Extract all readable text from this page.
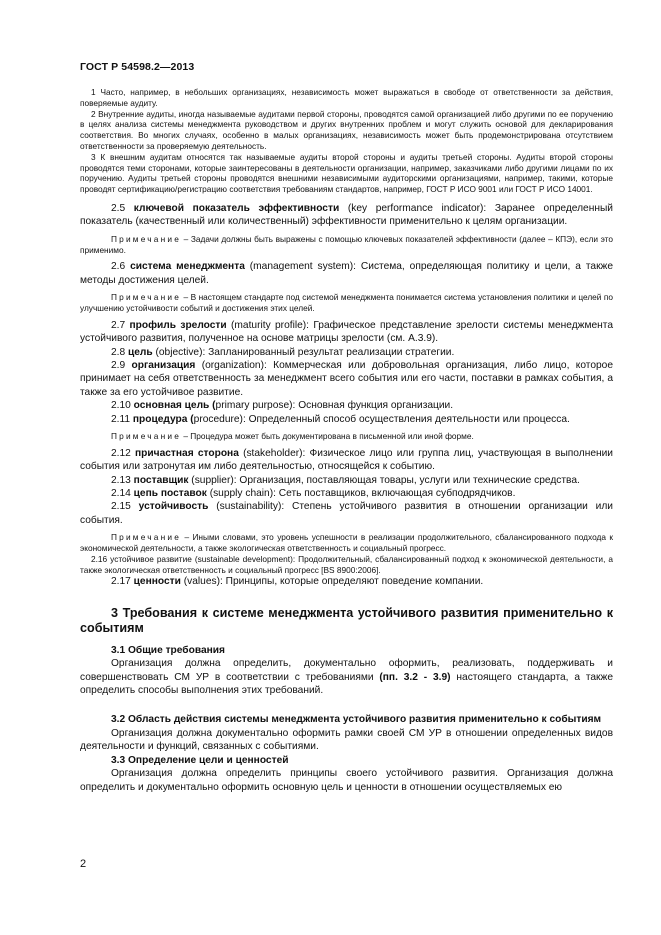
ГОСТ Р 54598.2—2013

1 Часто, например, в небольших организациях, независимость может выражаться в свободе от ответственности за действия, поверяемые аудиту.

2 Внутренние аудиты, иногда называемые аудитами первой стороны, проводятся самой организацией либо другими по ее поручению в целях анализа системы менеджмента руководством и других внутренних проблем и могут служить основой для декларирования соответствия. Во многих случаях, особенно в малых организациях, независимость может быть продемонстрирована отсутствием ответственности за проверяемую деятельность.

3 К внешним аудитам относятся так называемые аудиты второй стороны и аудиты третьей стороны. Аудиты второй стороны проводятся теми сторонами, которые заинтересованы в деятельности организации, например, заказчиками либо другими лицами по их поручению. Аудиты третьей стороны проводятся внешними независимыми аудиторскими организациями, например, такими, которые проводят сертификацию/регистрацию соответствия требованиям стандартов, например, ГОСТ Р ИСО 9001 или ГОСТ Р ИСО 14001.

2.5 ключевой показатель эффективности (key performance indicator): Заранее определенный показатель (качественный или количественный) эффективности применительно к целям организации.

Примечание – Задачи должны быть выражены с помощью ключевых показателей эффективности (далее – КПЭ), если это применимо.

2.6 система менеджмента (management system): Система, определяющая политику и цели, а также методы достижения целей.

Примечание – В настоящем стандарте под системой менеджмента понимается система установления политики и целей по улучшению устойчивости событий и достижения этих целей.

2.7 профиль зрелости (maturity profile): Графическое представление зрелости системы менеджмента устойчивого развития, полученное на основе матрицы зрелости (см. А.3.9).

2.8 цель (objective): Запланированный результат реализации стратегии.

2.9 организация (organization): Коммерческая или добровольная организация, либо лицо, которое принимает на себя ответственность за менеджмент всего события или его части, поставки в рамках события, а также за его устойчивое развитие.

2.10 основная цель (primary purpose): Основная функция организации.

2.11 процедура (procedure): Определенный способ осуществления деятельности или процесса.

Примечание – Процедура может быть документирована в письменной или иной форме.

2.12 причастная сторона (stakeholder): Физическое лицо или группа лиц, участвующая в выполнении события или затронутая им либо деятельностью, относящейся к событию.

2.13 поставщик (supplier): Организация, поставляющая товары, услуги или технические средства.

2.14 цепь поставок (supply chain): Сеть поставщиков, включающая субподрядчиков.

2.15 устойчивость (sustainability): Степень устойчивого развития в отношении организации или события.

Примечание – Иными словами, это уровень успешности в реализации продолжительного, сбалансированного подхода к экономической деятельности, а также экологическая ответственность и социальный прогресс.

2.16 устойчивое развитие (sustainable development): Продолжительный, сбалансированный подход к экономической деятельности, а также экологическая ответственность и социальный прогресс [BS 8900:2006].

2.17 ценности (values): Принципы, которые определяют поведение компании.

3 Требования к системе менеджмента устойчивого развития применительно к событиям

3.1 Общие требования

Организация должна определить, документально оформить, реализовать, поддерживать и совершенствовать СМ УР в соответствии с требованиями (пп. 3.2 - 3.9) настоящего стандарта, а также определить способы выполнения этих требований.

3.2 Область действия системы менеджмента устойчивого развития применительно к событиям

Организация должна документально оформить рамки своей СМ УР в отношении определенных видов деятельности и функций, связанных с событиями.

3.3 Определение цели и ценностей

Организация должна определить принципы своего устойчивого развития. Организация должна определить и документально оформить основную цель и ценности в отношении осуществляемых ею

2
